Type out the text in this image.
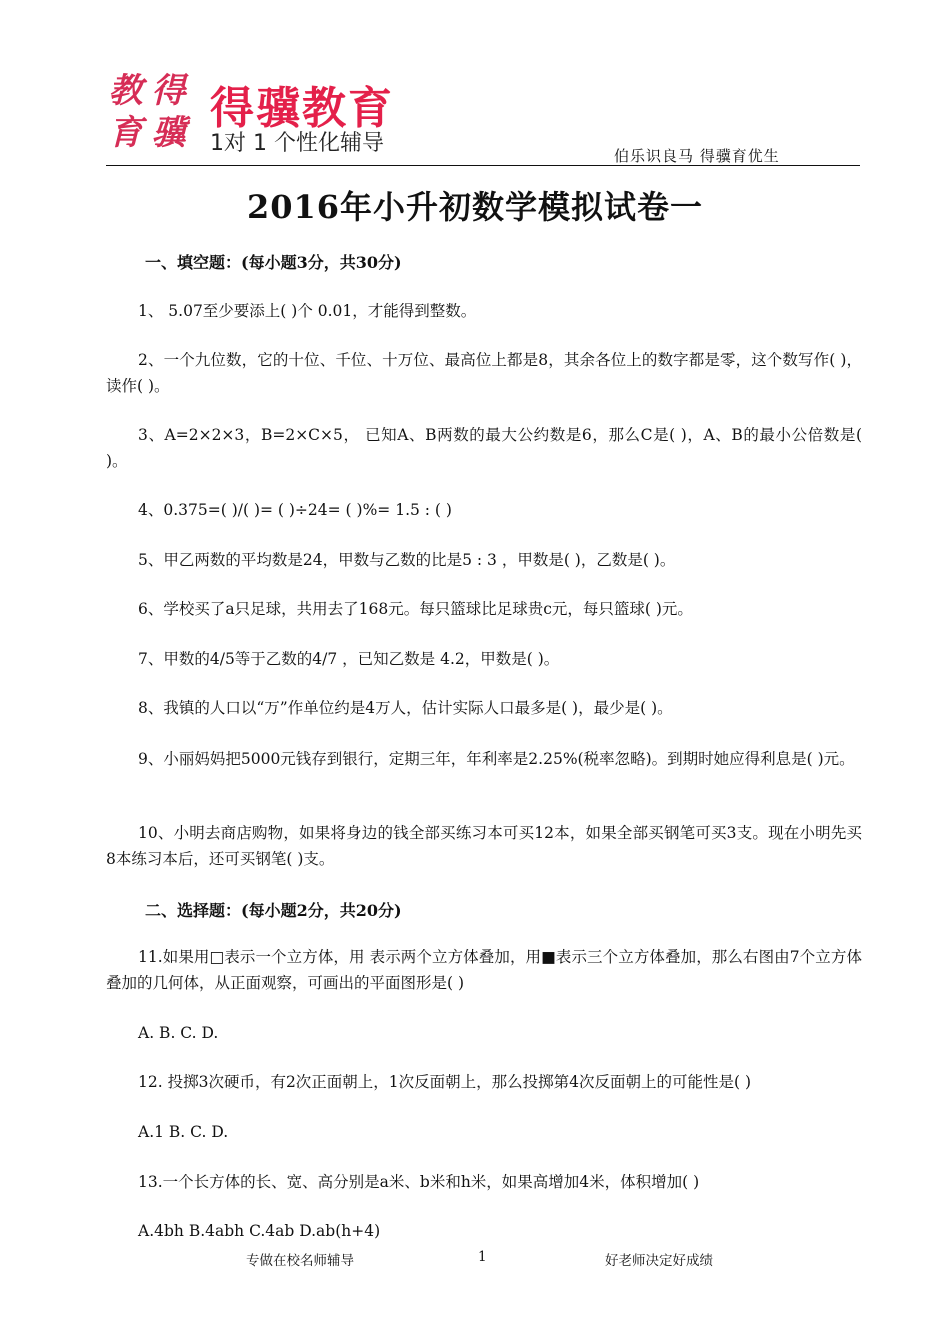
教 得
育 骥 得骥教育
1对 1 个性化辅导	伯乐识良马 得骥育优生
2016年小升初数学模拟试卷一
一、填空题：(每小题3分，共30分)
1、 5.07至少要添上( )个 0.01，才能得到整数。
2、一个九位数，它的十位、千位、十万位、最高位上都是8，其余各位上的数字都是零，这个数写作( )，读作( )。
3、A=2×2×3，B=2×C×5， 已知A、B两数的最大公约数是6，那么C是( )，A、B的最小公倍数是( )。
4、0.375=( )/( )= ( )÷24= ( )%= 1.5 : ( )
5、甲乙两数的平均数是24，甲数与乙数的比是5 : 3 ，甲数是( )，乙数是( )。
6、学校买了a只足球，共用去了168元。每只篮球比足球贵c元，每只篮球( )元。
7、甲数的4/5等于乙数的4/7 ，已知乙数是 4.2，甲数是( )。
8、我镇的人口以“万”作单位约是4万人，估计实际人口最多是( )，最少是( )。
9、小丽妈妈把5000元钱存到银行，定期三年，年利率是2.25%(税率忽略)。到期时她应得利息是( )元。
10、小明去商店购物，如果将身边的钱全部买练习本可买12本，如果全部买钢笔可买3支。现在小明先买8本练习本后，还可买钢笔( )支。
二、选择题：(每小题2分，共20分)
11.如果用□表示一个立方体，用 表示两个立方体叠加，用■表示三个立方体叠加，那么右图由7个立方体叠加的几何体，从正面观察，可画出的平面图形是( )
A. B. C. D.
12. 投掷3次硬币，有2次正面朝上，1次反面朝上，那么投掷第4次反面朝上的可能性是( )
A.1 B. C. D.
13.一个长方体的长、宽、高分别是a米、b米和h米，如果高增加4米，体积增加( )
A.4bh B.4abh C.4ab D.ab(h+4)
专做在校名师辅导	1	好老师决定好成绩
